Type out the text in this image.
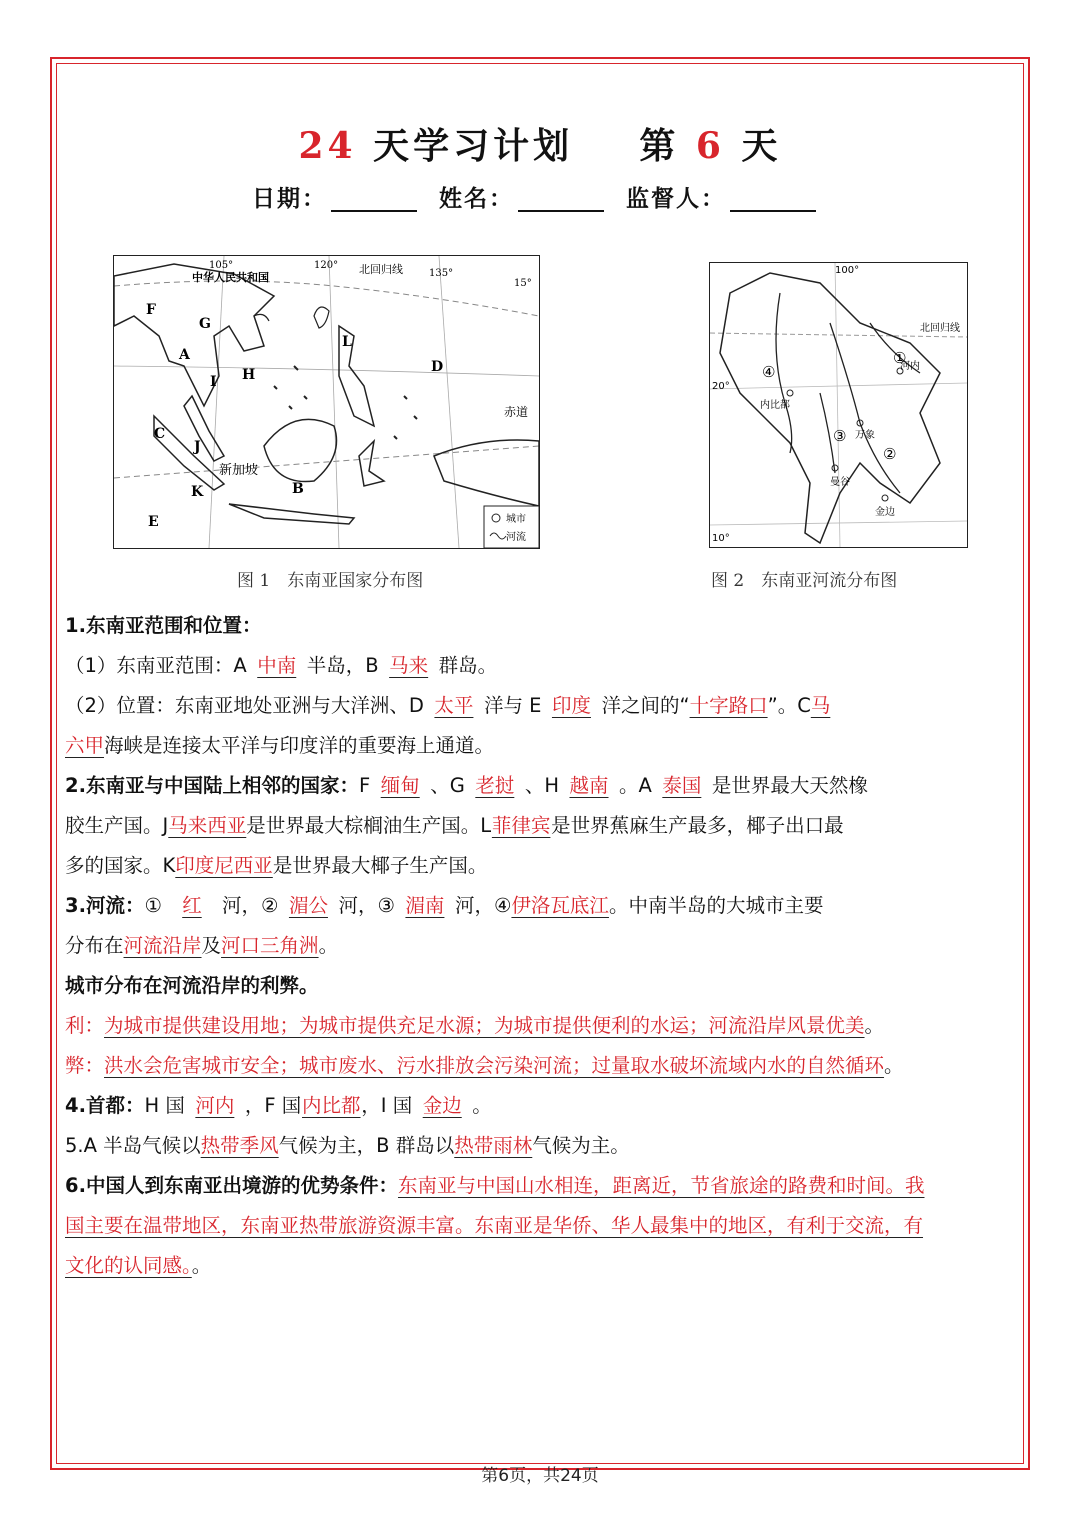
24 天学习计划 第 6 天
日期：	姓名：	监督人：
城市
河流
中华人民共和国
北回归线
赤道
新加坡
105°	120°
135°
15°
F
G
A
I H
L
D
C
J
K	B
E
河内
内比都
万象
曼谷
金边
北回归线
100°
20°
10°
①
②
③
④
图 1　东南亚国家分布图	图 2　东南亚河流分布图
1.东南亚范围和位置：
（1）东南亚范围：A 中南 半岛，B 马来 群岛。
（2）位置：东南亚地处亚洲与大洋洲、D 太平 洋与 E 印度 洋之间的“十字路口”。C马
六甲海峡是连接太平洋与印度洋的重要海上通道。
2.东南亚与中国陆上相邻的国家：F 缅甸 、G 老挝 、H 越南 。A 泰国 是世界最大天然橡
胶生产国。J马来西亚是世界最大棕榈油生产国。L菲律宾是世界蕉麻生产最多，椰子出口最
多的国家。K印度尼西亚是世界最大椰子生产国。
3.河流：① 红 河，② 湄公 河，③ 湄南 河，④伊洛瓦底江。中南半岛的大城市主要
分布在河流沿岸及河口三角洲。
城市分布在河流沿岸的利弊。
利：为城市提供建设用地；为城市提供充足水源；为城市提供便利的水运；河流沿岸风景优美。
弊：洪水会危害城市安全；城市废水、污水排放会污染河流；过量取水破坏流域内水的自然循环。
4.首都：H 国 河内 ，F 国内比都，I 国 金边 。
5.A 半岛气候以热带季风气候为主，B 群岛以热带雨林气候为主。
6.中国人到东南亚出境游的优势条件：东南亚与中国山水相连，距离近，节省旅途的路费和时间。我
国主要在温带地区，东南亚热带旅游资源丰富。东南亚是华侨、华人最集中的地区，有利于交流，有
文化的认同感。。
第6页，共24页
